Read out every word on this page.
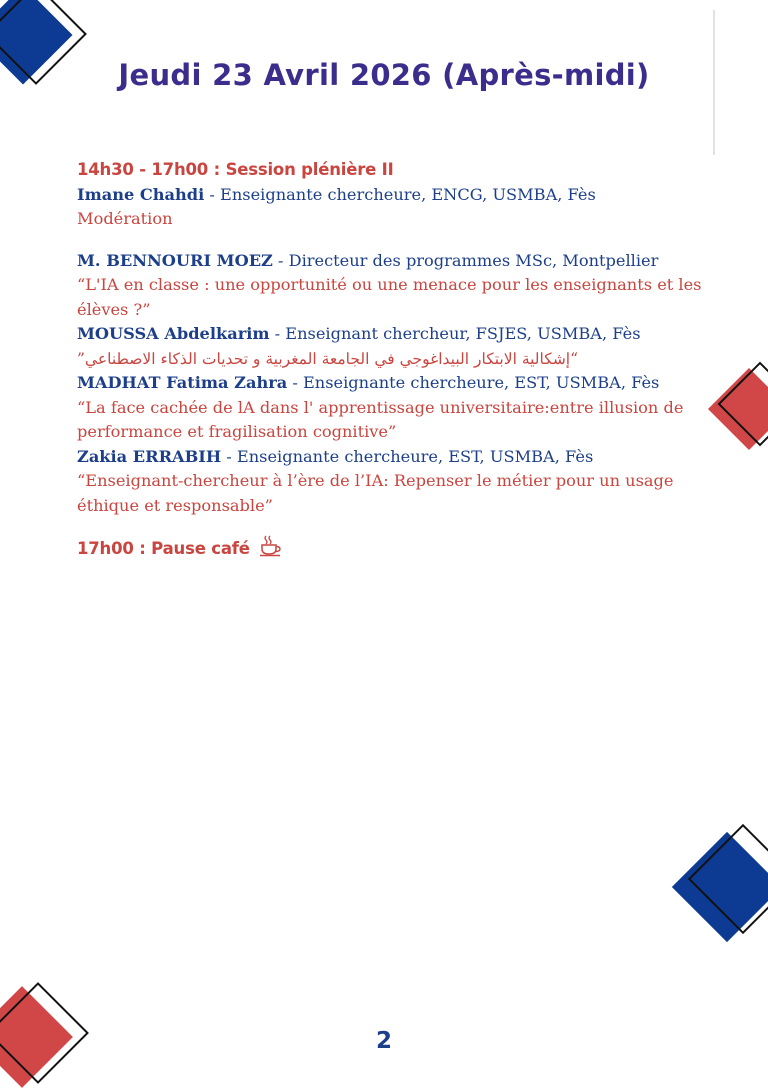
Jeudi 23 Avril 2026 (Après-midi)
14h30 - 17h00 : Session plénière II
Imane Chahdi - Enseignante chercheure, ENCG, USMBA, Fès
Modération
M. BENNOURI MOEZ - Directeur des programmes MSc, Montpellier
“L'IA en classe : une opportunité ou une menace pour les enseignants et les élèves ?”
MOUSSA Abdelkarim - Enseignant chercheur, FSJES, USMBA, Fès
“إشكالية الابتكار البيداغوجي في الجامعة المغربية و تحديات الذكاء الاصطناعي”
MADHAT Fatima Zahra - Enseignante chercheure, EST, USMBA, Fès
“La face cachée de lA dans l' apprentissage universitaire:entre illusion de performance et fragilisation cognitive”
Zakia ERRABIH - Enseignante chercheure, EST, USMBA, Fès
“Enseignant-chercheur à l’ère de l’IA: Repenser le métier pour un usage éthique et responsable”
17h00 : Pause café
2
